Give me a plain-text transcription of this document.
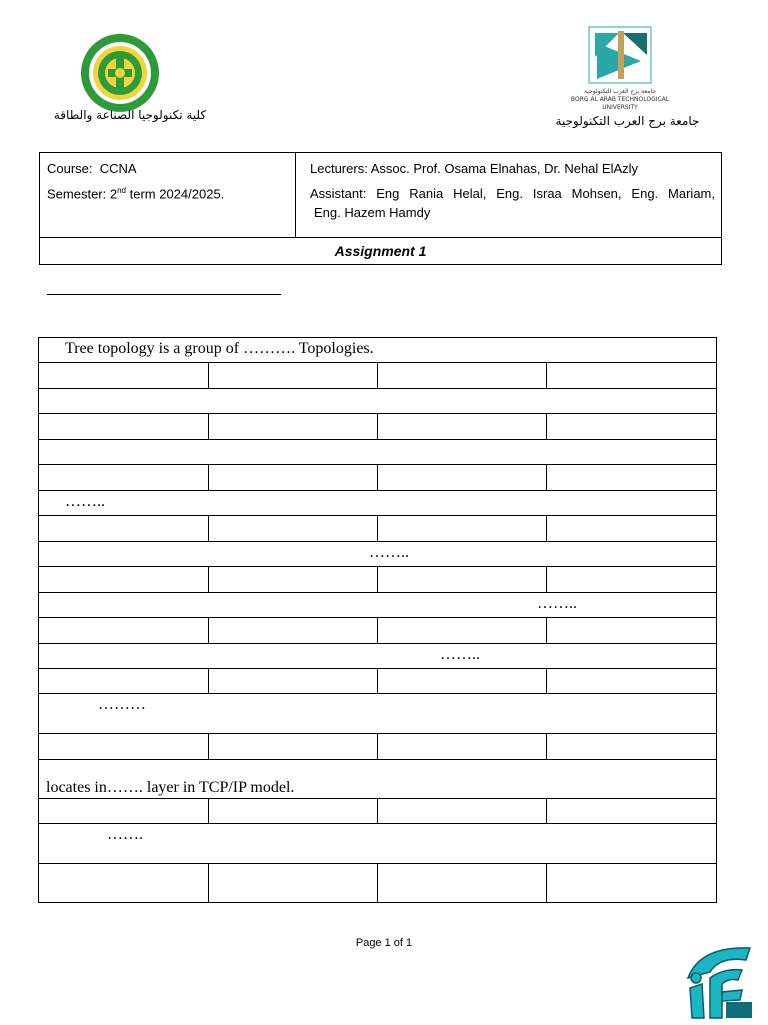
كلية تكنولوجيا الصناعة والطاقة
جامعة برج العرب التكنولوجية
BORG AL ARAB TECHNOLOGICAL UNIVERSITY
جامعة برج العرب التكنولوجية
Course: CCNA
Semester: 2nd term 2024/2025.
Lecturers: Assoc. Prof. Osama Elnahas, Dr. Nehal ElAzly
Assistant: Eng Rania Helal, Eng. Israa Mohsen, Eng. Mariam,
Eng. Hazem Hamdy
Assignment 1
Tree topology is a group of ………. Topologies.
……..
……..
……..
……..
………
locates in……. layer in TCP/IP model.
…….
Page 1 of 1
